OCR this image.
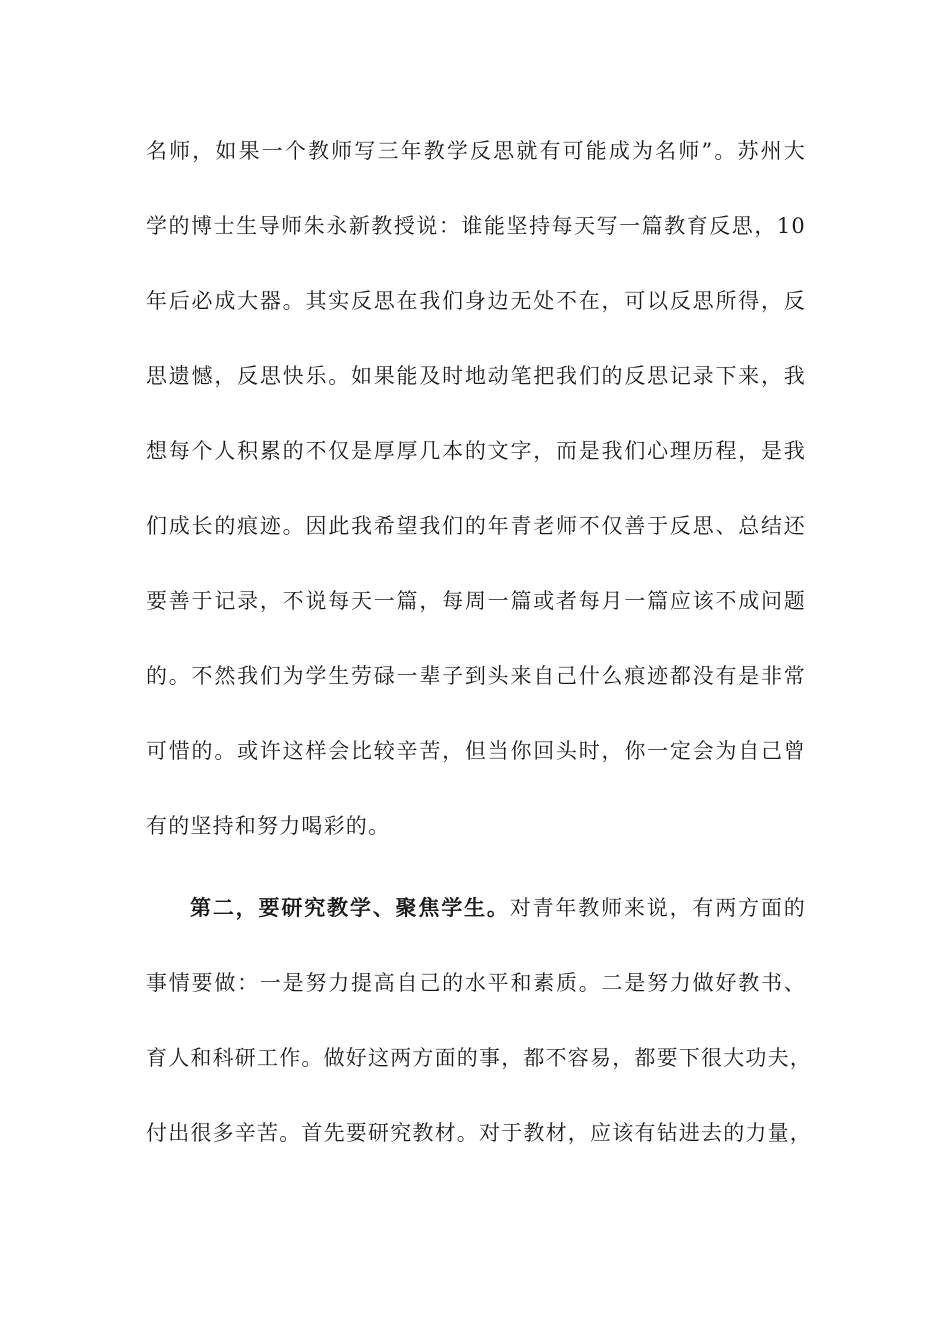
名师，如果一个教师写三年教学反思就有可能成为名师”。苏州大
学的博士生导师朱永新教授说：谁能坚持每天写一篇教育反思，10
年后必成大器。其实反思在我们身边无处不在，可以反思所得，反
思遗憾，反思快乐。如果能及时地动笔把我们的反思记录下来，我
想每个人积累的不仅是厚厚几本的文字，而是我们心理历程，是我
们成长的痕迹。因此我希望我们的年青老师不仅善于反思、总结还
要善于记录，不说每天一篇，每周一篇或者每月一篇应该不成问题
的。不然我们为学生劳碌一辈子到头来自己什么痕迹都没有是非常
可惜的。或许这样会比较辛苦，但当你回头时，你一定会为自己曾
有的坚持和努力喝彩的。
第二，要研究教学、聚焦学生。对青年教师来说，有两方面的
事情要做：一是努力提高自己的水平和素质。二是努力做好教书、
育人和科研工作。做好这两方面的事，都不容易，都要下很大功夫，
付出很多辛苦。首先要研究教材。对于教材，应该有钻进去的力量，
